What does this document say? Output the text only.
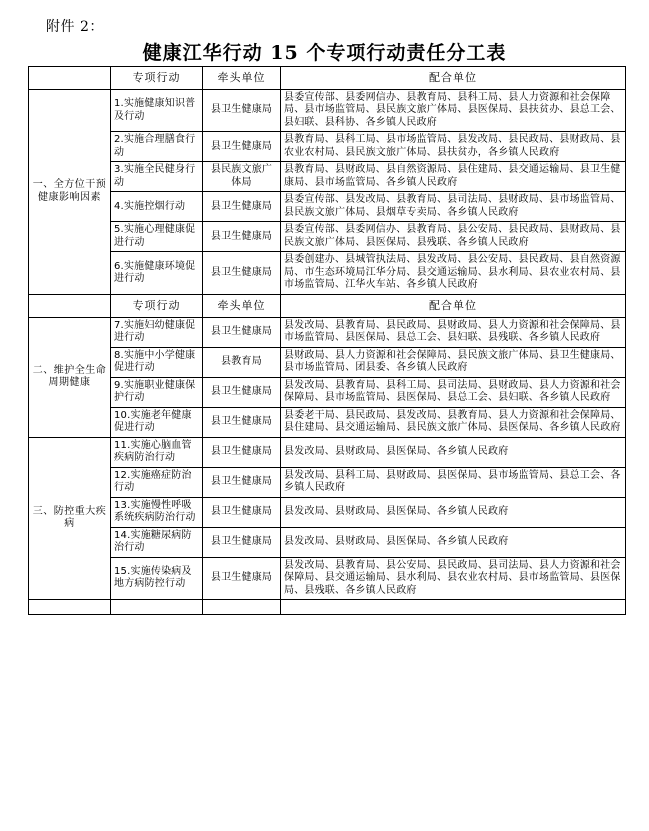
附件 2：
健康江华行动 15 个专项行动责任分工表
	专项行动	牵头单位	配合单位
一、全方位干预健康影响因素	1.实施健康知识普及行动	县卫生健康局	县委宣传部、县委网信办、县教育局、县科工局、县人力资源和社会保障局、县市场监管局、县民族文旅广体局、县医保局、县扶贫办、县总工会、县妇联、县科协、各乡镇人民政府
	2.实施合理膳食行动	县卫生健康局	县教育局、县科工局、县市场监管局、县发改局、县民政局、县财政局、县农业农村局、县民族文旅广体局、县扶贫办，各乡镇人民政府
	3.实施全民健身行动	县民族文旅广体局	县教育局、县财政局、县自然资源局、县住建局、县交通运输局、县卫生健康局、县市场监管局、各乡镇人民政府
	4.实施控烟行动	县卫生健康局	县委宣传部、县发改局、县教育局、县司法局、县财政局、县市场监管局、县民族文旅广体局、县烟草专卖局、各乡镇人民政府
	5.实施心理健康促进行动	县卫生健康局	县委宣传部、县委网信办、县教育局、县公安局、县民政局、县财政局、县民族文旅广体局、县医保局、县残联、各乡镇人民政府
	6.实施健康环境促进行动	县卫生健康局	县委创建办、县城管执法局、县发改局、县公安局、县民政局、县自然资源局、市生态环境局江华分局、县交通运输局、县水利局、县农业农村局、县市场监管局、江华火车站、各乡镇人民政府
	专项行动	牵头单位	配合单位
二、维护全生命周期健康	7.实施妇幼健康促进行动	县卫生健康局	县发改局、县教育局、县民政局、县财政局、县人力资源和社会保障局、县市场监管局、县医保局、县总工会、县妇联、县残联、各乡镇人民政府
	8.实施中小学健康促进行动	县教育局	县财政局、县人力资源和社会保障局、县民族文旅广体局、县卫生健康局、县市场监管局、团县委、各乡镇人民政府
	9.实施职业健康保护行动	县卫生健康局	县发改局、县教育局、县科工局、县司法局、县财政局、县人力资源和社会保障局、县市场监管局、县医保局、县总工会、县妇联、各乡镇人民政府
	10.实施老年健康促进行动	县卫生健康局	县委老干局、县民政局、县发改局、县教育局、县人力资源和社会保障局、县住建局、县交通运输局、县民族文旅广体局、县医保局、各乡镇人民政府
三、防控重大疾病	11.实施心脑血管疾病防治行动	县卫生健康局	县发改局、县财政局、县医保局、各乡镇人民政府
	12.实施癌症防治行动	县卫生健康局	县发改局、县科工局、县财政局、县医保局、县市场监管局、县总工会、各乡镇人民政府
	13.实施慢性呼吸系统疾病防治行动	县卫生健康局	县发改局、县财政局、县医保局、各乡镇人民政府
	14.实施糖尿病防治行动	县卫生健康局	县发改局、县财政局、县医保局、各乡镇人民政府
	15.实施传染病及地方病防控行动	县卫生健康局	县发改局、县教育局、县公安局、县民政局、县司法局、县人力资源和社会保障局、县交通运输局、县水利局、县农业农村局、县市场监管局、县医保局、县残联、各乡镇人民政府
